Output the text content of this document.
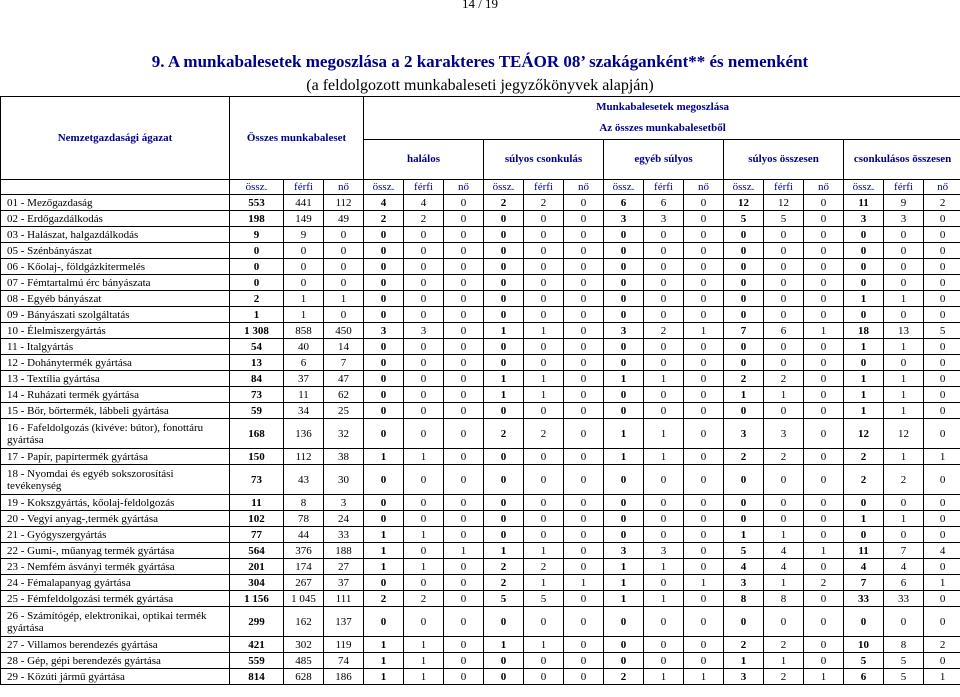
14 / 19
9. A munkabalesetek megoszlása a 2 karakteres TEÁOR 08’ szakáganként** és nemenként
(a feldolgozott munkabaleseti jegyzőkönyvek alapján)
Nemzetgazdasági ágazat	Összes munkabaleset			Munkabalesetek megoszlása														
				Az összes munkabalesetből														
				halálos			súlyos csonkulás			egyéb súlyos			súlyos összesen			csonkulásos összesen		
	össz.	férfi	nő	össz.	férfi	nő	össz.	férfi	nő	össz.	férfi	nő	össz.	férfi	nő	össz.	férfi	nő
01 - Mezőgazdaság	553	441	112	4	4	0	2	2	0	6	6	0	12	12	0	11	9	2
02 - Erdőgazdálkodás	198	149	49	2	2	0	0	0	0	3	3	0	5	5	0	3	3	0
03 - Halászat, halgazdálkodás	9	9	0	0	0	0	0	0	0	0	0	0	0	0	0	0	0	0
05 - Szénbányászat	0	0	0	0	0	0	0	0	0	0	0	0	0	0	0	0	0	0
06 - Kőolaj-, földgázkitermelés	0	0	0	0	0	0	0	0	0	0	0	0	0	0	0	0	0	0
07 - Fémtartalmú érc bányászata	0	0	0	0	0	0	0	0	0	0	0	0	0	0	0	0	0	0
08 - Egyéb bányászat	2	1	1	0	0	0	0	0	0	0	0	0	0	0	0	1	1	0
09 - Bányászati szolgáltatás	1	1	0	0	0	0	0	0	0	0	0	0	0	0	0	0	0	0
10 - Élelmiszergyártás	1 308	858	450	3	3	0	1	1	0	3	2	1	7	6	1	18	13	5
11 - Italgyártás	54	40	14	0	0	0	0	0	0	0	0	0	0	0	0	1	1	0
12 - Dohánytermék gyártása	13	6	7	0	0	0	0	0	0	0	0	0	0	0	0	0	0	0
13 - Textília gyártása	84	37	47	0	0	0	1	1	0	1	1	0	2	2	0	1	1	0
14 - Ruházati termék gyártása	73	11	62	0	0	0	1	1	0	0	0	0	1	1	0	1	1	0
15 - Bőr, bőrtermék, lábbeli gyártása	59	34	25	0	0	0	0	0	0	0	0	0	0	0	0	1	1	0
16 - Fafeldolgozás (kivéve: bútor), fonottáru gyártása	168	136	32	0	0	0	2	2	0	1	1	0	3	3	0	12	12	0
17 - Papír, papírtermék gyártása	150	112	38	1	1	0	0	0	0	1	1	0	2	2	0	2	1	1
18 - Nyomdai és egyéb sokszorosítási tevékenység	73	43	30	0	0	0	0	0	0	0	0	0	0	0	0	2	2	0
19 - Kokszgyártás, kőolaj-feldolgozás	11	8	3	0	0	0	0	0	0	0	0	0	0	0	0	0	0	0
20 - Vegyi anyag-,termék gyártása	102	78	24	0	0	0	0	0	0	0	0	0	0	0	0	1	1	0
21 - Gyógyszergyártás	77	44	33	1	1	0	0	0	0	0	0	0	1	1	0	0	0	0
22 - Gumi-, műanyag termék gyártása	564	376	188	1	0	1	1	1	0	3	3	0	5	4	1	11	7	4
23 - Nemfém ásványi termék gyártása	201	174	27	1	1	0	2	2	0	1	1	0	4	4	0	4	4	0
24 - Fémalapanyag gyártása	304	267	37	0	0	0	2	1	1	1	0	1	3	1	2	7	6	1
25 - Fémfeldolgozási termék gyártása	1 156	1 045	111	2	2	0	5	5	0	1	1	0	8	8	0	33	33	0
26 - Számítógép, elektronikai, optikai termék gyártása	299	162	137	0	0	0	0	0	0	0	0	0	0	0	0	0	0	0
27 - Villamos berendezés gyártása	421	302	119	1	1	0	1	1	0	0	0	0	2	2	0	10	8	2
28 - Gép, gépi berendezés gyártása	559	485	74	1	1	0	0	0	0	0	0	0	1	1	0	5	5	0
29 - Közúti jármű gyártása	814	628	186	1	1	0	0	0	0	2	1	1	3	2	1	6	5	1
